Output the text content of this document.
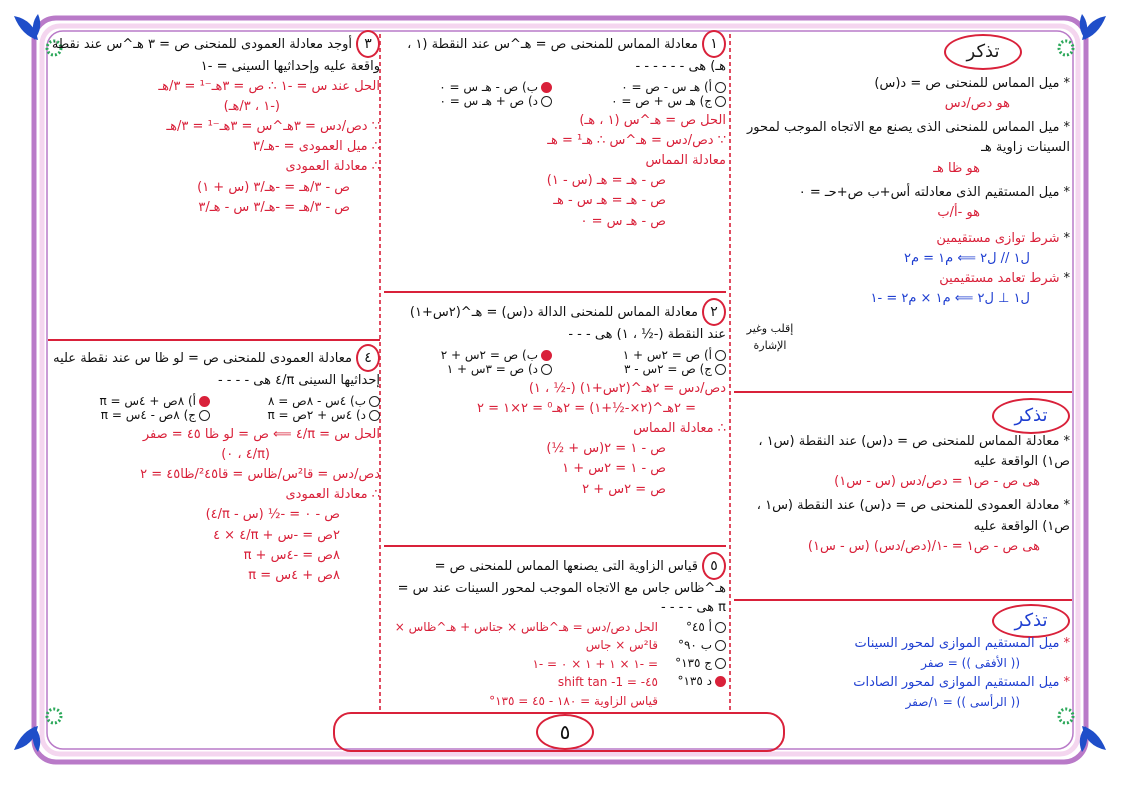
تذكر
*ميل المماس للمنحنى ص = د(س)
هو دص/دس
*ميل المماس للمنحنى الذى يصنع مع الاتجاه الموجب لمحور السينات زاوية هـ
هو ظا هـ
*ميل المستقيم الذى معادلته أس+ب ص+حـ = ٠
هو -أ/ب
*شرط توازى مستقيمين
ل١ // ل٢ ⟸ م١ = م٢
*شرط تعامد مستقيمين
ل١ ⊥ ل٢ ⟸ م١ × م٢ = -١
إقلب وغير الإشارة
تذكر
*معادلة المماس للمنحنى ص = د(س) عند النقطة (س١ ، ص١) الواقعة عليه
هى ص - ص١ = دص/دس (س - س١)
*معادلة العمودى للمنحنى ص = د(س) عند النقطة (س١ ، ص١) الواقعة عليه
هى ص - ص١ = -١/(دص/دس) (س - س١)
تذكر
*ميل المستقيم الموازى لمحور السينات
(( الأفقى )) = صفر
*ميل المستقيم الموازى لمحور الصادات
(( الرأسى )) = ١/صفر
١معادلة المماس للمنحنى ص = هـ^س عند النقطة (١ ، هـ) هى - - - - - -
أ) هـ س - ص = ٠
ب) ص - هـ س = ٠
ج) هـ س + ص = ٠
د) ص + هـ س = ٠
الحل ص = هـ^س (١ ، هـ)
∵ دص/دس = هـ^س ∴ هـ¹ = هـ
معادلة المماس
ص - هـ = هـ (س - ١)
ص - هـ = هـ س - هـ
ص - هـ س = ٠
٢معادلة المماس للمنحنى الدالة د(س) = هـ^(٢س+١) عند النقطة (-½ ، ١) هى - - -
أ) ص = ٢س + ١
ب) ص = ٢س + ٢
ج) ص = ٢س - ٣
د) ص = ٣س + ١
دص/دس = ٢هـ^(٢س+١) (-½ ، ١)
= ٢هـ^(٢×-½+١) = ٢هـ⁰ = ٢×١ = ٢
∴ معادلة المماس
ص - ١ = ٢(س + ½)
ص - ١ = ٢س + ١
ص = ٢س + ٢
٥قياس الزاوية التى يصنعها المماس للمنحنى ص = هـ^ظاس جاس مع الاتجاه الموجب لمحور السينات عند س = π هى - - - -
أ ٤٥°
ب ٩٠°
ج ١٣٥°
د ١٣٥°
الحل دص/دس = هـ^ظاس × جتاس + هـ^ظاس × قا²س × جاس
= -١ × ١ + ١ × ٠ = -١
shift tan -1 = -٤٥
قياس الزاوية = ١٨٠ - ٤٥ = ١٣٥°
٣أوجد معادلة العمودى للمنحنى ص = ٣ هـ^س عند نقطة واقعة عليه وإحداثيها السينى = -١
الحل عند س = -١ ∴ ص = ٣هـ⁻¹ = ٣/هـ
(-١ ، ٣/هـ)
∵ دص/دس = ٣هـ^س = ٣هـ⁻¹ = ٣/هـ
∴ ميل العمودى = -هـ/٣
∴ معادلة العمودى
ص - ٣/هـ = -هـ/٣ (س + ١)
ص - ٣/هـ = -هـ/٣ س - هـ/٣
٤معادلة العمودى للمنحنى ص = لو ظا س عند نقطة عليه إحداثيها السينى π/٤ هى - - - -
ب) ٤س - ٨ص = ٨
أ) ٨ص + ٤س = π
د) ٤س + ٢ص = π
ج) ٨ص - ٤س = π
الحل س = π/٤ ⟸ ص = لو ظا ٤٥ = صفر
(π/٤ ، ٠)
دص/دس = قا²س/ظاس = قا²٤٥/ظا٤٥ = ٢
∴ معادلة العمودى
ص - ٠ = -½ (س - π/٤)
٢ص = -س + π/٤ × ٤
٨ص = -٤س + π
٨ص + ٤س = π
٥
